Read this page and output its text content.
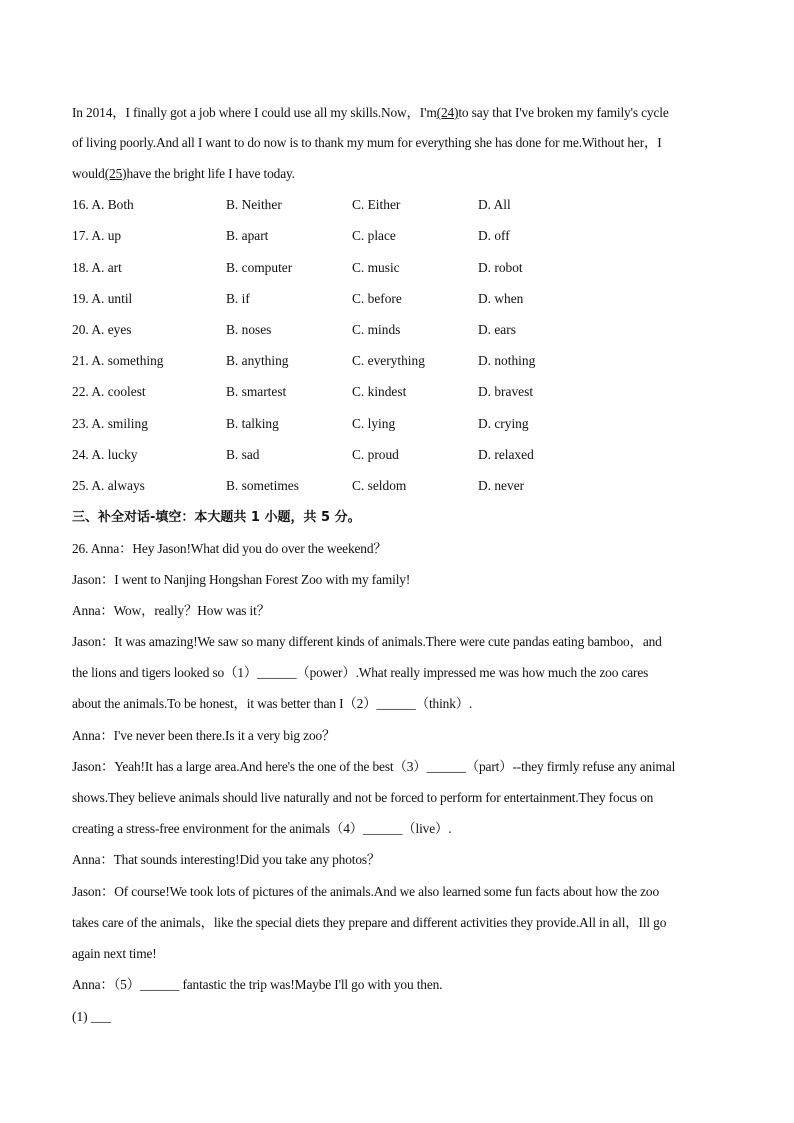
In 2014，I finally got a job where I could use all my skills.Now，I'm(24)to say that I've broken my family's cycle
of living poorly.And all I want to do now is to thank my mum for everything she has done for me.Without her，I
would(25)have the bright life I have today.
16. A. Both	B. Neither	C. Either	D. All
17. A. up	B. apart	C. place	D. off
18. A. art	B. computer	C. music	D. robot
19. A. until	B. if	C. before	D. when
20. A. eyes	B. noses	C. minds	D. ears
21. A. something	B. anything	C. everything	D. nothing
22. A. coolest	B. smartest	C. kindest	D. bravest
23. A. smiling	B. talking	C. lying	D. crying
24. A. lucky	B. sad	C. proud	D. relaxed
25. A. always	B. sometimes	C. seldom	D. never
三、补全对话-填空：本大题共 1 小题，共 5 分。
26. Anna：Hey Jason!What did you do over the weekend？
Jason：I went to Nanjing Hongshan Forest Zoo with my family!
Anna：Wow，really？How was it？
Jason：It was amazing!We saw so many different kinds of animals.There were cute pandas eating bamboo，and
the lions and tigers looked so（1）______（power）.What really impressed me was how much the zoo cares
about the animals.To be honest，it was better than I（2）______（think）.
Anna：I've never been there.Is it a very big zoo？
Jason：Yeah!It has a large area.And here's the one of the best（3）______（part）--they firmly refuse any animal
shows.They believe animals should live naturally and not be forced to perform for entertainment.They focus on
creating a stress-free environment for the animals（4）______（live）.
Anna：That sounds interesting!Did you take any photos？
Jason：Of course!We took lots of pictures of the animals.And we also learned some fun facts about how the zoo
takes care of the animals，like the special diets they prepare and different activities they provide.All in all，Ill go
again next time!
Anna：（5）______ fantastic the trip was!Maybe I'll go with you then.
(1) ___
